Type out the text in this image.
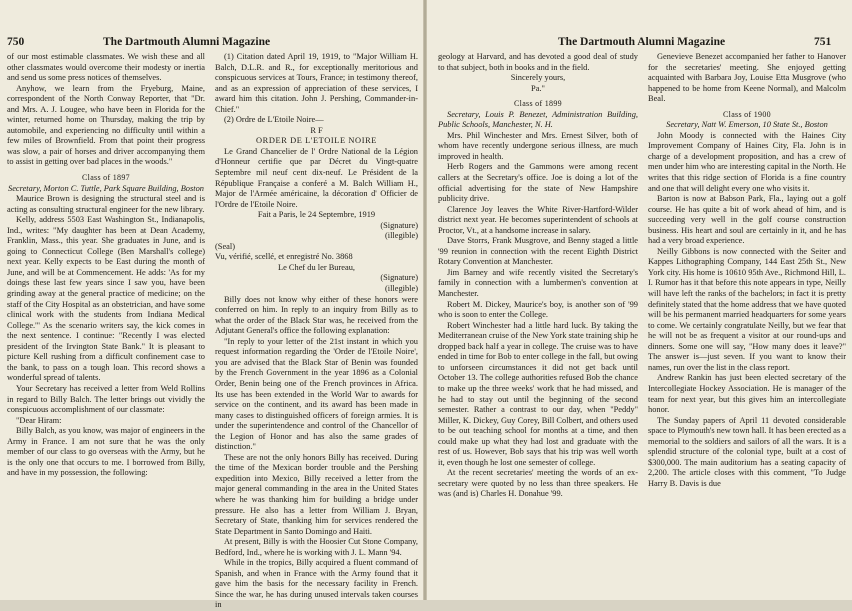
750	The Dartmouth Alumni Magazine

of our most estimable classmates. We wish these and all other classmates would overcome their modesty or inertia and send us some press notices of themselves.

Anyhow, we learn from the Fryeburg, Maine, correspondent of the North Conway Reporter, that "Dr. and Mrs. A. J. Lougee, who have been in Florida for the winter, returned home on Thursday, making the trip by automobile, and experiencing no difficulty until within a few miles of Brownfield. From that point their progress was slow, a pair of horses and driver accompanying them to assist in getting over bad places in the woods."

Class of 1897

Secretary, Morton C. Tuttle, Park Square Building, Boston

Maurice Brown is designing the structural steel and is acting as consulting structural engineer for the new library.

Kelly, address 5503 East Washington St., Indianapolis, Ind., writes: "My daughter has been at Dean Academy, Franklin, Mass., this year. She graduates in June, and is going to Connecticut College (Ben Marshall's college) next year. Kelly expects to be East during the month of June, and will be at Commencement. He adds: 'As for my doings these last few years since I saw you, have been grinding away at the general practice of medicine; on the staff of the City Hospital as an obstetrician, and have some clinical work with the students from Indiana Medical College.'" As the scenario writers say, the kick comes in the next sentence. I continue: "Recently I was elected president of the Irvington State Bank." It is pleasant to picture Kell rushing from a difficult confinement case to the bank, to pass on a tough loan. This record shows a wonderful spread of talents.

Your Secretary has received a letter from Weld Rollins in regard to Billy Balch. The letter brings out vividly the conspicuous accomplishment of our classmate:

"Dear Hiram:

Billy Balch, as you know, was major of engineers in the Army in France. I am not sure that he was the only member of our class to go overseas with the Army, but he is the only one that occurs to me. I borrowed from Billy, and have in my possession, the following:

(1) Citation dated April 19, 1919, to "Major William H. Balch, D.L.R. and R., for exceptionally meritorious and conspicuous services at Tours, France; in testimony thereof, and as an expression of appreciation of these services, I award him this citation. John J. Pershing, Commander-in-Chief."

(2) Ordre de L'Etoile Noire—

R F

ORDER DE L'ETOILE NOIRE

Le Grand Chancelier de l' Ordre National de la Légion d'Honneur certifie que par Décret du Vingt-quatre Septembre mil neuf cent dix-neuf. Le Président de la République Française a conferé a M. Balch William H., Major de l'Armée américaine, la décoration d' Officier de l'Ordre de l'Etoile Noire.

Fait a Paris, le 24 Septembre, 1919

(Signature)

(illegible)

(Seal)

Vu, vérifié, scellé, et enregistré No. 3868

Le Chef du ler Bureau,

(Signature)

(illegible)

Billy does not know why either of these honors were conferred on him. In reply to an inquiry from Billy as to what the order of the Black Star was, he received from the Adjutant General's office the following explanation:

"In reply to your letter of the 21st instant in which you request information regarding the 'Order de l'Etoile Noire', you are advised that the Black Star of Benin was founded by the French Government in the year 1896 as a Colonial Order, Benin being one of the French provinces in Africa. Its use has been extended in the World War to awards for service on the continent, and its award has been made in many cases to distinguished officers of foreign armies. It is under the superintendence and control of the Chancellor of the Legion of Honor and has also the same grades of distinction."

These are not the only honors Billy has received. During the time of the Mexican border trouble and the Pershing expedition into Mexico, Billy received a letter from the major general commanding in the area in the United States where he was thanking him for building a bridge under pressure. He also has a letter from William J. Bryan, Secretary of State, thanking him for services rendered the State Department in Santo Domingo and Haiti.

At present, Billy is with the Hoosier Cut Stone Company, Bedford, Ind., where he is working with J. L. Mann '94.

While in the tropics, Billy acquired a fluent command of Spanish, and when in France with the Army found that it gave him the basis for the necessary facility in French. Since the war, he has during unused intervals taken courses in

The Dartmouth Alumni Magazine	751

geology at Harvard, and has devoted a good deal of study to that subject, both in books and in the field.

Sincerely yours,

Pa."

Class of 1899

Secretary, Louis P. Benezet, Administration Building, Public Schools, Manchester, N. H.

Mrs. Phil Winchester and Mrs. Ernest Silver, both of whom have recently undergone serious illness, are much improved in health.

Herb Rogers and the Gammons were among recent callers at the Secretary's office. Joe is doing a lot of the official advertising for the state of New Hampshire publicity drive.

Clarence Joy leaves the White River-Hartford-Wilder district next year. He becomes superintendent of schools at Proctor, Vt., at a handsome increase in salary.

Dave Storrs, Frank Musgrove, and Benny staged a little '99 reunion in connection with the recent Eighth District Rotary Convention at Manchester.

Jim Barney and wife recently visited the Secretary's family in connection with a lumbermen's convention at Manchester.

Robert M. Dickey, Maurice's boy, is another son of '99 who is soon to enter the College.

Robert Winchester had a little hard luck. By taking the Mediterranean cruise of the New York state training ship he dropped back half a year in college. The cruise was to have ended in time for Bob to enter college in the fall, but owing to unforseen circumstances it did not get back until October 13. The college authorities refused Bob the chance to make up the three weeks' work that he had missed, and he had to stay out until the beginning of the second semester. Rather a contrast to our day, when "Peddy" Miller, K. Dickey, Guy Corey, Bill Colbert, and others used to be out teaching school for months at a time, and then could make up what they had lost and graduate with the rest of us. However, Bob says that his trip was well worth it, even though he lost one semester of college.

At the recent secretaries' meeting the words of an ex-secretary were quoted by no less than three speakers. He was (and is) Charles H. Donahue '99.

Genevieve Benezet accompanied her father to Hanover for the secretaries' meeting. She enjoyed getting acquainted with Barbara Joy, Louise Etta Musgrove (who happened to be home from Keene Normal), and Malcolm Beal.

Class of 1900

Secretary, Natt W. Emerson, 10 State St., Boston

John Moody is connected with the Haines City Improvement Company of Haines City, Fla. John is in charge of a development proposition, and has a crew of men under him who are interesting capital in the North. He writes that this ridge section of Florida is a fine country and one that will delight every one who visits it.

Barton is now at Babson Park, Fla., laying out a golf course. He has quite a bit of work ahead of him, and is succeeding very well in the golf course construction business. His heart and soul are certainly in it, and he has had a very broad experience.

Neilly Gibbons is now connected with the Seiter and Kappes Lithographing Company, 144 East 25th St., New York city. His home is 10610 95th Ave., Richmond Hill, L. I. Rumor has it that before this note appears in type, Neilly will have left the ranks of the bachelors; in fact it is pretty definitely stated that the home address that we have quoted will be his permanent married headquarters for some years to come. We certainly congratulate Neilly, but we fear that he will not be as frequent a visitor at our round-ups and dinners. Some one will say, "How many does it leave?" The answer is—just seven. If you want to know their names, run over the list in the class report.

Andrew Rankin has just been elected secretary of the Intercollegiate Hockey Association. He is manager of the team for next year, but this gives him an intercollegiate honor.

The Sunday papers of April 11 devoted considerable space to Plymouth's new town hall. It has been erected as a memorial to the soldiers and sailors of all the wars. It is a splendid structure of the colonial type, built at a cost of $300,000. The main auditorium has a seating capacity of 2,200. The article closes with this comment, "To Judge Harry B. Davis is due
